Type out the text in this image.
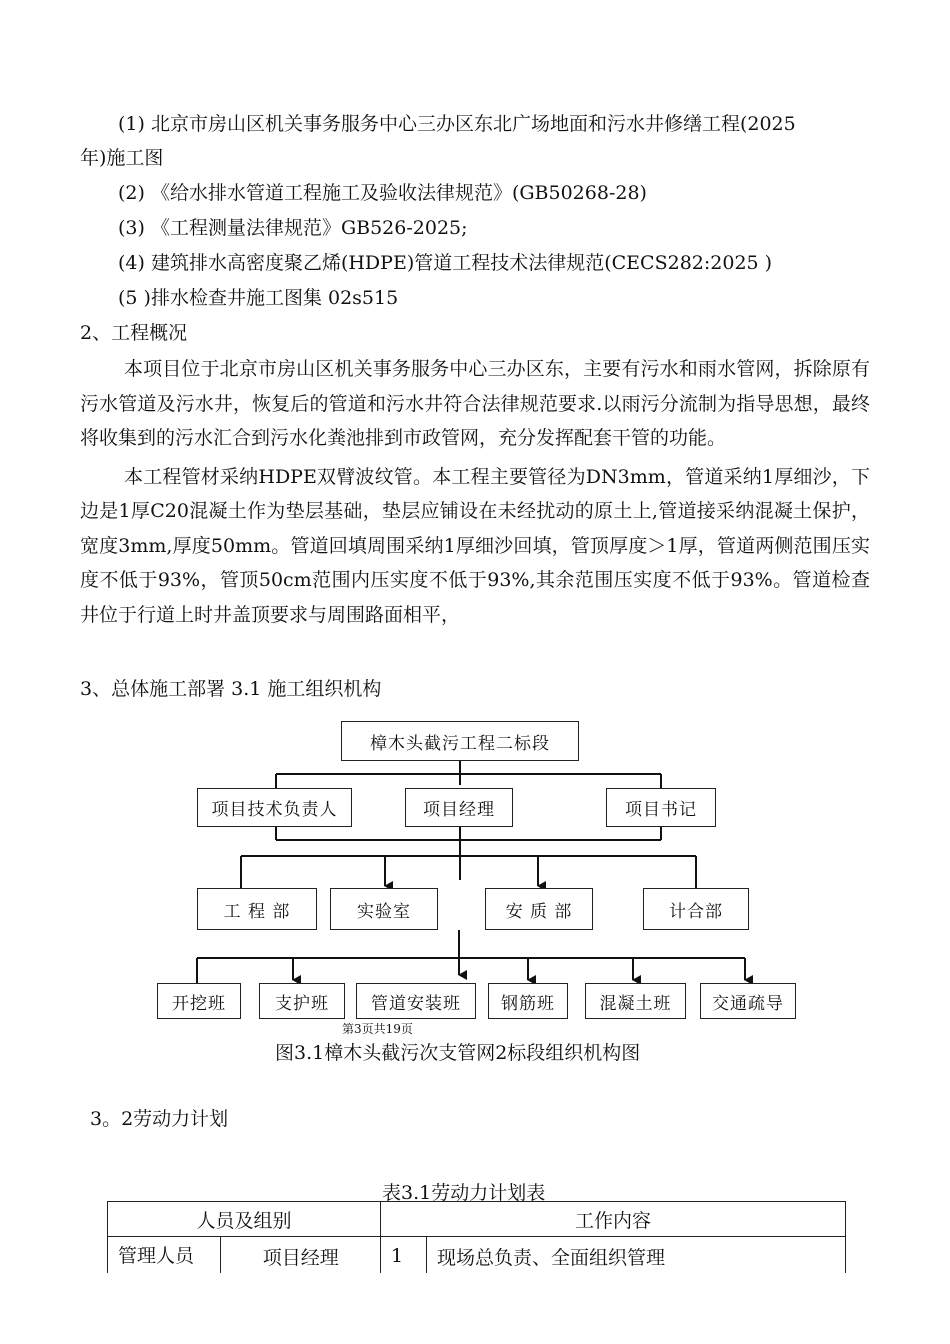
(1) 北京市房山区机关事务服务中心三办区东北广场地面和污水井修缮工程(2025
年)施工图
(2) 《给水排水管道工程施工及验收法律规范》(GB50268-28)
(3) 《工程测量法律规范》GB526-2025;
(4) 建筑排水高密度聚乙烯(HDPE)管道工程技术法律规范(CECS282:2025 )
(5 )排水检查井施工图集 02s515
2、工程概况

本项目位于北京市房山区机关事务服务中心三办区东，主要有污水和雨水管网，拆除原有污水管道及污水井，恢复后的管道和污水井符合法律规范要求.以雨污分流制为指导思想，最终将收集到的污水汇合到污水化粪池排到市政管网，充分发挥配套干管的功能。

本工程管材采纳HDPE双臂波纹管。本工程主要管径为DN3mm，管道采纳1厚细沙，下边是1厚C20混凝土作为垫层基础，垫层应铺设在未经扰动的原土上,管道接采纳混凝土保护，宽度3mm,厚度50mm。管道回填周围采纳1厚细沙回填，管顶厚度＞1厚，管道两侧范围压实度不低于93%，管顶50cm范围内压实度不低于93%,其余范围压实度不低于93%。管道检查井位于行道上时井盖顶要求与周围路面相平，

3、总体施工部署 3.1 施工组织机构
樟木头截污工程二标段
项目技术负责人	项目经理	项目书记
工 程 部	实验室	安 质 部	计合部
开挖班	支护班	管道安装班	钢筋班	混凝土班	交通疏导
第3页共19页
图3.1樟木头截污次支管网2标段组织机构图
3。2劳动力计划
表3.1劳动力计划表
人员及组别		工作内容	
管理人员	项目经理	1	现场总负责、全面组织管理
